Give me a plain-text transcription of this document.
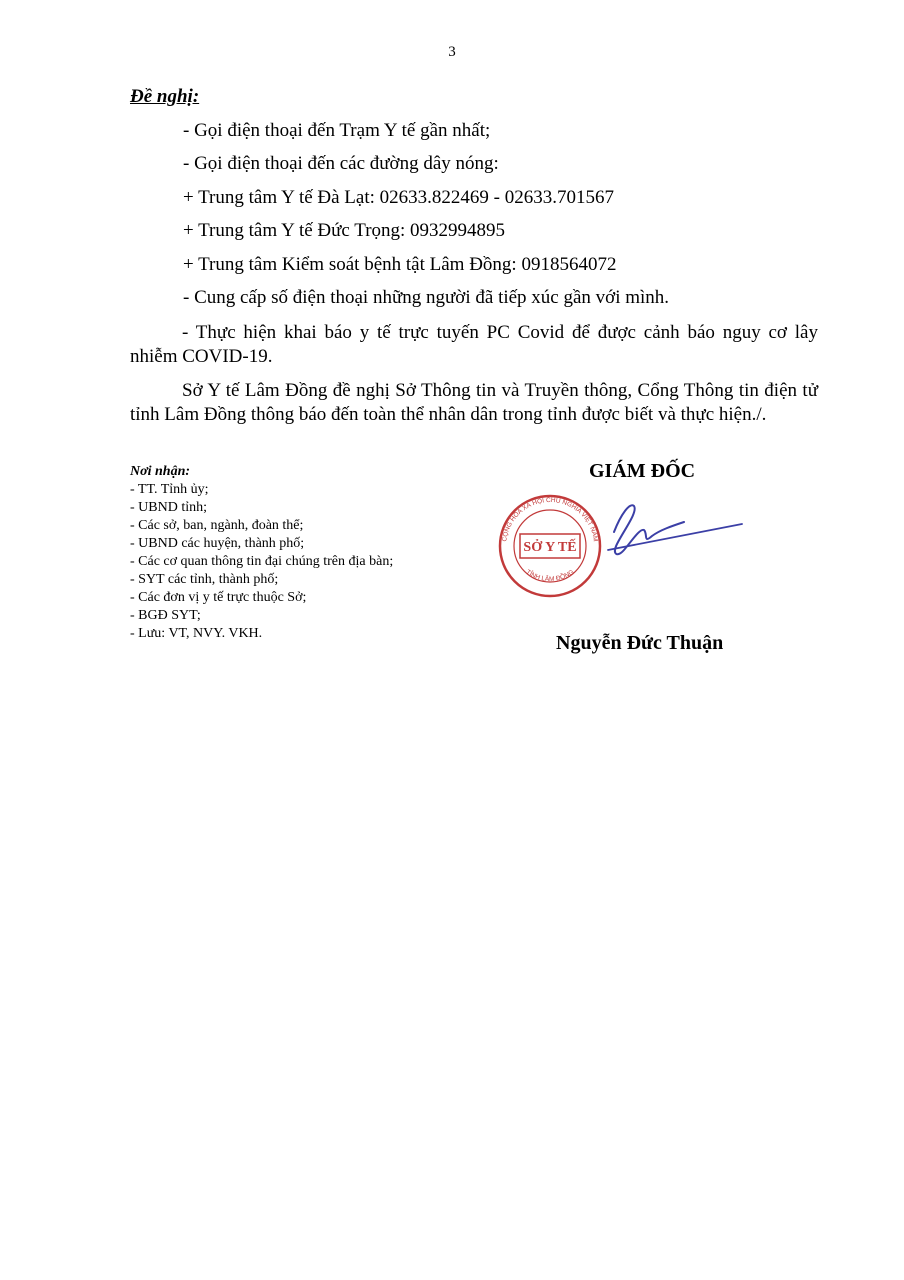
3
Đề nghị:
- Gọi điện thoại đến Trạm Y tế gần nhất;
- Gọi điện thoại đến các đường dây nóng:
+ Trung tâm Y tế Đà Lạt: 02633.822469 - 02633.701567
+ Trung tâm Y tế Đức Trọng: 0932994895
+ Trung tâm Kiểm soát bệnh tật Lâm Đồng: 0918564072
- Cung cấp số điện thoại những người đã tiếp xúc gần với mình.
- Thực hiện khai báo y tế trực tuyến PC Covid để được cảnh báo nguy cơ lây nhiễm COVID-19.
Sở Y tế Lâm Đồng đề nghị Sở Thông tin và Truyền thông, Cổng Thông tin điện tử tỉnh Lâm Đồng thông báo đến toàn thể nhân dân trong tỉnh được biết và thực hiện./.
Nơi nhận:
- TT. Tỉnh ủy;
- UBND tỉnh;
- Các sở, ban, ngành, đoàn thể;
- UBND các huyện, thành phố;
- Các cơ quan thông tin đại chúng trên địa bàn;
- SYT các tỉnh, thành phố;
- Các đơn vị y tế trực thuộc Sở;
- BGĐ SYT;
- Lưu: VT, NVY. VKH.
GIÁM ĐỐC
SỞ Y TẾ
CỘNG HÒA XÃ HỘI CHỦ NGHĨA VIỆT NAM
TỈNH LÂM ĐỒNG
Nguyễn Đức Thuận
